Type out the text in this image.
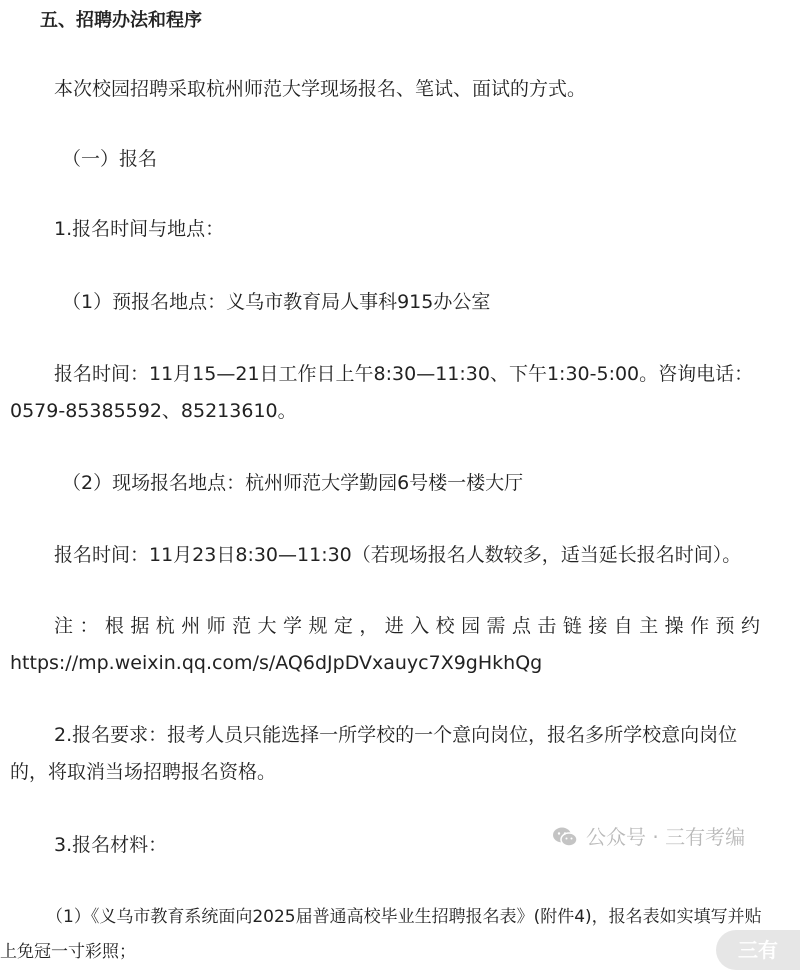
五、招聘办法和程序

本次校园招聘采取杭州师范大学现场报名、笔试、面试的方式。

（一）报名

1.报名时间与地点：

（1）预报名地点：义乌市教育局人事科915办公室

报名时间：11月15—21日工作日上午8:30—11:30、下午1:30-5:00。咨询电话：

0579-85385592、85213610。

（2）现场报名地点：杭州师范大学勤园6号楼一楼大厅

报名时间：11月23日8:30—11:30（若现场报名人数较多，适当延长报名时间）。

注：根据杭州师范大学规定，进入校园需点击链接自主操作预约

https://mp.weixin.qq.com/s/AQ6dJpDVxauyc7X9gHkhQg

2.报名要求：报考人员只能选择一所学校的一个意向岗位，报名多所学校意向岗位

的，将取消当场招聘报名资格。

3.报名材料：

（1）《义乌市教育系统面向2025届普通高校毕业生招聘报名表》(附件4)，报名表如实填写并贴

上免冠一寸彩照；

公众号 · 三有考编
三有
